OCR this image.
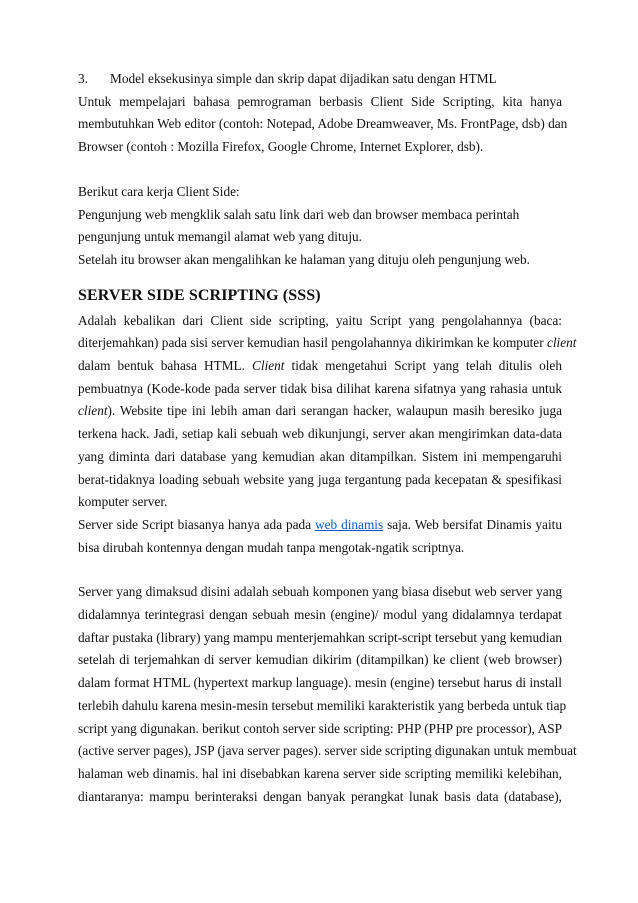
3. Model eksekusinya simple dan skrip dapat dijadikan satu dengan HTML
Untuk mempelajari bahasa pemrograman berbasis Client Side Scripting, kita hanya
membutuhkan Web editor (contoh: Notepad, Adobe Dreamweaver, Ms. FrontPage, dsb) dan
Browser (contoh : Mozilla Firefox, Google Chrome, Internet Explorer, dsb).
Berikut cara kerja Client Side:
Pengunjung web mengklik salah satu link dari web dan browser membaca perintah
pengunjung untuk memangil alamat web yang dituju.
Setelah itu browser akan mengalihkan ke halaman yang dituju oleh pengunjung web.
SERVER SIDE SCRIPTING (SSS)
Adalah kebalikan dari Client side scripting, yaitu Script yang pengolahannya (baca:
diterjemahkan) pada sisi server kemudian hasil pengolahannya dikirimkan ke komputer client
dalam bentuk bahasa HTML. Client tidak mengetahui Script yang telah ditulis oleh
pembuatnya (Kode-kode pada server tidak bisa dilihat karena sifatnya yang rahasia untuk
client). Website tipe ini lebih aman dari serangan hacker, walaupun masih beresiko juga
terkena hack. Jadi, setiap kali sebuah web dikunjungi, server akan mengirimkan data-data
yang diminta dari database yang kemudian akan ditampilkan. Sistem ini mempengaruhi
berat-tidaknya loading sebuah website yang juga tergantung pada kecepatan & spesifikasi
komputer server.
Server side Script biasanya hanya ada pada web dinamis saja. Web bersifat Dinamis yaitu
bisa dirubah kontennya dengan mudah tanpa mengotak-ngatik scriptnya.
Server yang dimaksud disini adalah sebuah komponen yang biasa disebut web server yang
didalamnya terintegrasi dengan sebuah mesin (engine)/ modul yang didalamnya terdapat
daftar pustaka (library) yang mampu menterjemahkan script-script tersebut yang kemudian
setelah di terjemahkan di server kemudian dikirim (ditampilkan) ke client (web browser)
dalam format HTML (hypertext markup language). mesin (engine) tersebut harus di install
terlebih dahulu karena mesin-mesin tersebut memiliki karakteristik yang berbeda untuk tiap
script yang digunakan. berikut contoh server side scripting: PHP (PHP pre processor), ASP
(active server pages), JSP (java server pages). server side scripting digunakan untuk membuat
halaman web dinamis. hal ini disebabkan karena server side scripting memiliki kelebihan,
diantaranya: mampu berinteraksi dengan banyak perangkat lunak basis data (database),
